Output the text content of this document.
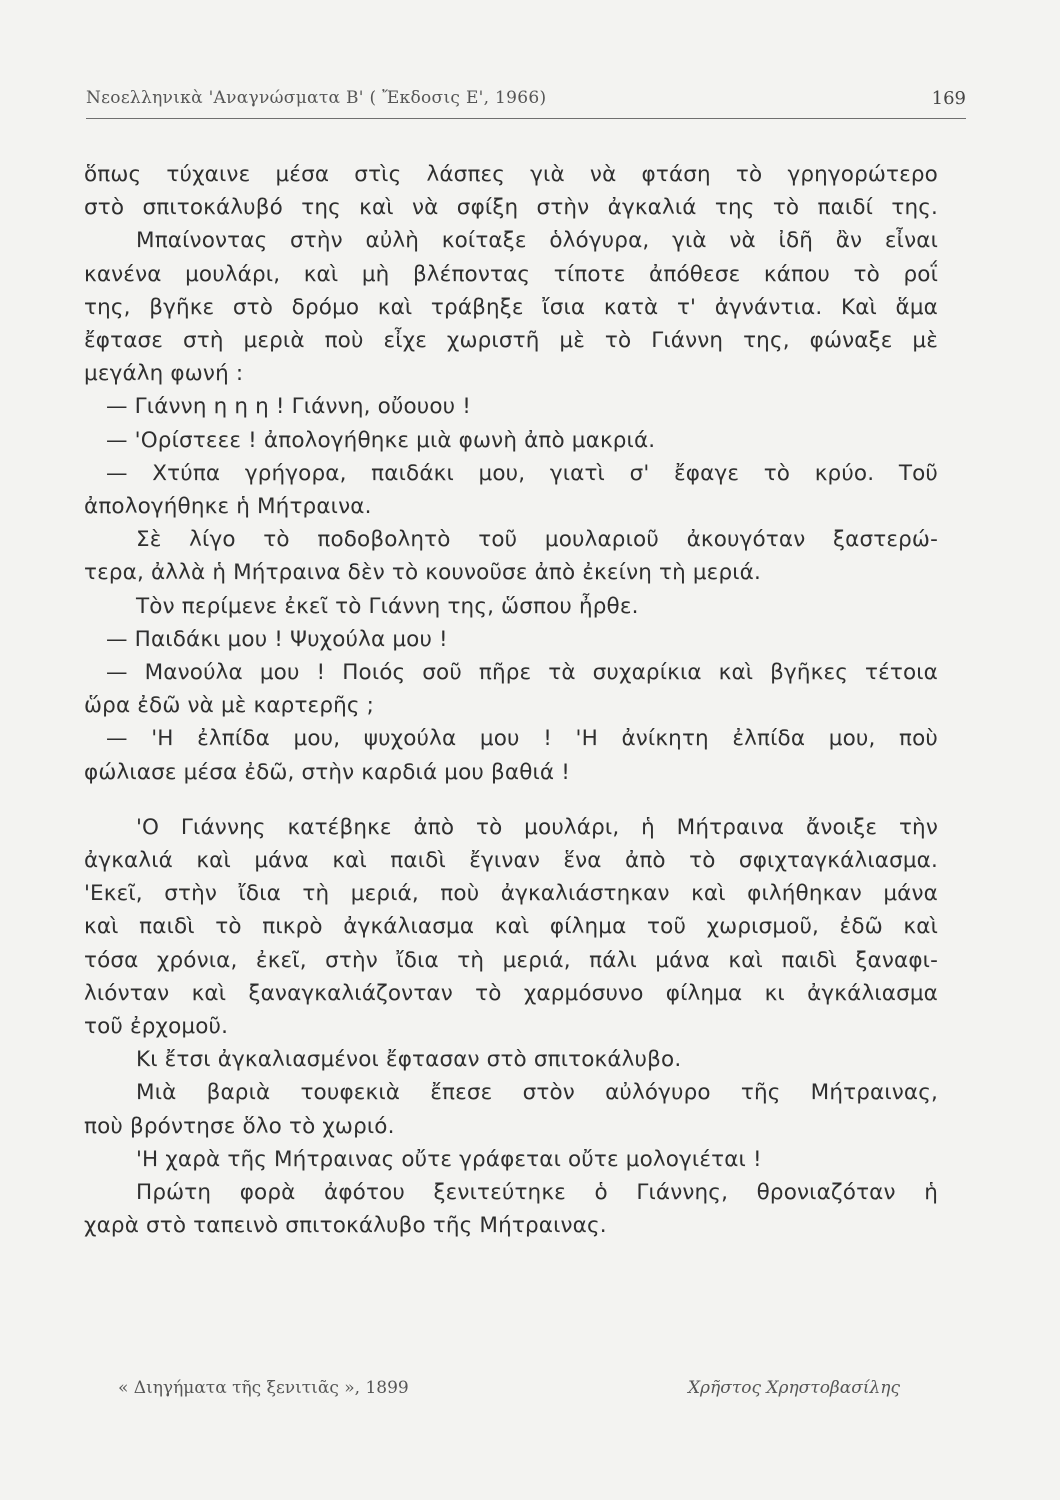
Νεοελληνικὰ 'Αναγνώσματα Β' ( Ἔκδοσις Ε', 1966)	169
ὅπως τύχαινε μέσα στὶς λάσπες γιὰ νὰ φτάση τὸ γρηγορώτερο
στὸ σπιτοκάλυβό της καὶ νὰ σφίξη στὴν ἀγκαλιά της τὸ παιδί της.
Μπαίνοντας στὴν αὐλὴ κοίταξε ὁλόγυρα, γιὰ νὰ ἰδῆ ἂν εἶναι
κανένα μουλάρι, καὶ μὴ βλέποντας τίποτε ἀπόθεσε κάπου τὸ ροΐ
της, βγῆκε στὸ δρόμο καὶ τράβηξε ἴσια κατὰ τ' ἀγνάντια. Καὶ ἅμα
ἔφτασε στὴ μεριὰ ποὺ εἶχε χωριστῆ μὲ τὸ Γιάννη της, φώναξε μὲ
μεγάλη φωνή :
— Γιάννη η η η ! Γιάννη, οὔουου !
— 'Ορίστεεε ! ἀπολογήθηκε μιὰ φωνὴ ἀπὸ μακριά.
— Χτύπα γρήγορα, παιδάκι μου, γιατὶ σ' ἔφαγε τὸ κρύο. Τοῦ
ἀπολογήθηκε ἡ Μήτραινα.
Σὲ λίγο τὸ ποδοβολητὸ τοῦ μουλαριοῦ ἀκουγόταν ξαστερώ-
τερα, ἀλλὰ ἡ Μήτραινα δὲν τὸ κουνοῦσε ἀπὸ ἐκείνη τὴ μεριά.
Τὸν περίμενε ἐκεῖ τὸ Γιάννη της, ὥσπου ἦρθε.
— Παιδάκι μου ! Ψυχούλα μου !
— Μανούλα μου ! Ποιός σοῦ πῆρε τὰ συχαρίκια καὶ βγῆκες τέτοια
ὥρα ἐδῶ νὰ μὲ καρτερῆς ;
— 'Η ἐλπίδα μου, ψυχούλα μου ! 'Η ἀνίκητη ἐλπίδα μου, ποὺ
φώλιασε μέσα ἐδῶ, στὴν καρδιά μου βαθιά !
'Ο Γιάννης κατέβηκε ἀπὸ τὸ μουλάρι, ἡ Μήτραινα ἄνοιξε τὴν
ἀγκαλιά καὶ μάνα καὶ παιδὶ ἔγιναν ἕνα ἀπὸ τὸ σφιχταγκάλιασμα.
'Εκεῖ, στὴν ἴδια τὴ μεριά, ποὺ ἀγκαλιάστηκαν καὶ φιλήθηκαν μάνα
καὶ παιδὶ τὸ πικρὸ ἀγκάλιασμα καὶ φίλημα τοῦ χωρισμοῦ, ἐδῶ καὶ
τόσα χρόνια, ἐκεῖ, στὴν ἴδια τὴ μεριά, πάλι μάνα καὶ παιδὶ ξαναφι-
λιόνταν καὶ ξαναγκαλιάζονταν τὸ χαρμόσυνο φίλημα κι ἀγκάλιασμα
τοῦ ἐρχομοῦ.
Κι ἔτσι ἀγκαλιασμένοι ἔφτασαν στὸ σπιτοκάλυβο.
Μιὰ βαριὰ τουφεκιὰ ἔπεσε στὸν αὐλόγυρο τῆς Μήτραινας,
ποὺ βρόντησε ὅλο τὸ χωριό.
'Η χαρὰ τῆς Μήτραινας οὔτε γράφεται οὔτε μολογιέται !
Πρώτη φορὰ ἀφότου ξενιτεύτηκε ὁ Γιάννης, θρονιαζόταν ἡ
χαρὰ στὸ ταπεινὸ σπιτοκάλυβο τῆς Μήτραινας.
« Διηγήματα τῆς ξενιτιᾶς », 1899	Χρῆστος Χρηστοβασίλης
